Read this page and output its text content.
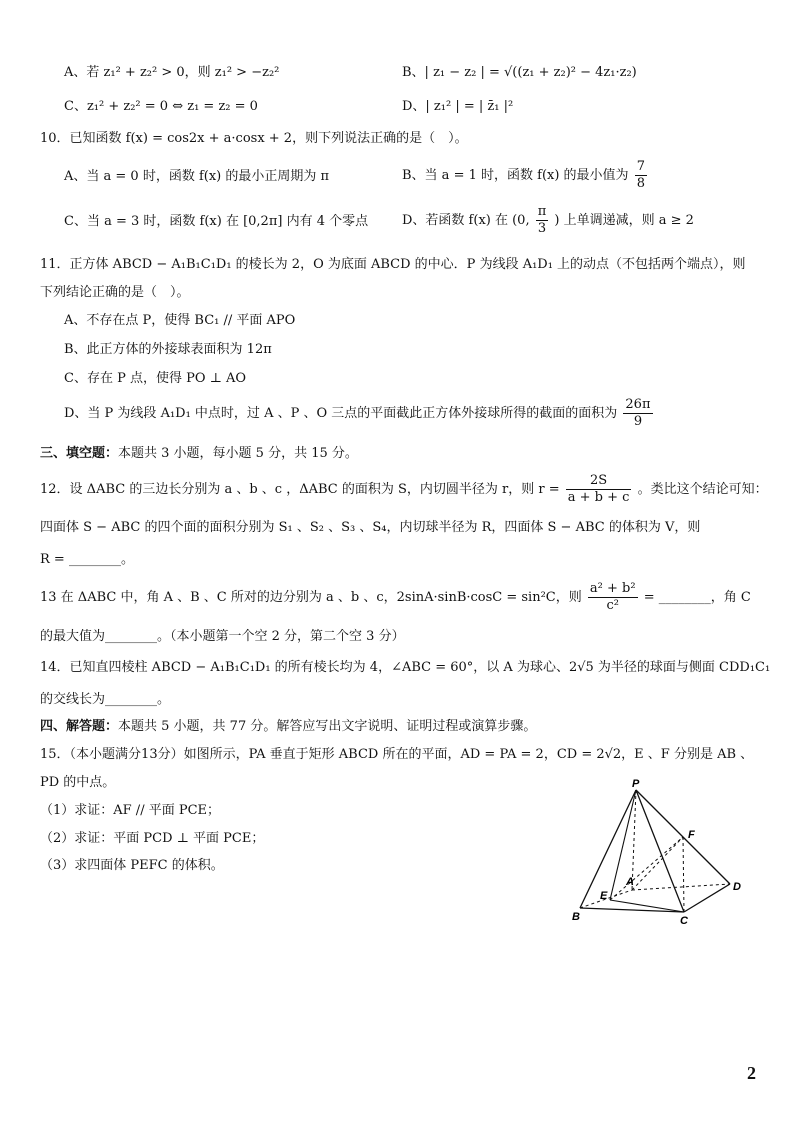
A、若 z₁² + z₂² > 0，则 z₁² > −z₂²	B、| z₁ − z₂ | = √((z₁ + z₂)² − 4z₁·z₂)
C、z₁² + z₂² = 0 ⇔ z₁ = z₂ = 0	D、| z₁² | = | z̄₁ |²
10．已知函数 f(x) = cos2x + a·cosx + 2，则下列说法正确的是（　）。
A、当 a = 0 时，函数 f(x) 的最小正周期为 π	B、当 a = 1 时，函数 f(x) 的最小值为 $\frac{7}{8}$
C、当 a = 3 时，函数 f(x) 在 [0,2π] 内有 4 个零点	D、若函数 f(x) 在 (0, $\frac{\pi}{3}$ ) 上单调递减，则 a ≥ 2
11．正方体 ABCD − A₁B₁C₁D₁ 的棱长为 2，O 为底面 ABCD 的中心．P 为线段 A₁D₁ 上的动点（不包括两个端点），则
下列结论正确的是（　）。
A、不存在点 P，使得 BC₁ // 平面 APO
B、此正方体的外接球表面积为 12π
C、存在 P 点，使得 PO ⊥ AO
D、当 P 为线段 A₁D₁ 中点时，过 A 、P 、O 三点的平面截此正方体外接球所得的截面的面积为 $\frac{26\pi}{9}$
三、填空题：本题共 3 小题，每小题 5 分，共 15 分。
12．设 ΔABC 的三边长分别为 a 、b 、c ，ΔABC 的面积为 S，内切圆半径为 r，则 $r = \frac{2S}{a + b + c}$ 。类比这个结论可知：
四面体 S − ABC 的四个面的面积分别为 S₁ 、S₂ 、S₃ 、S₄，内切球半径为 R，四面体 S − ABC 的体积为 V，则
R = ________。
13 在 ΔABC 中，角 A 、B 、C 所对的边分别为 a 、b 、c，2sinA·sinB·cosC = sin²C，则 $\frac{\text{a² + b²}}{\text{c²}}$ = ________，角 C
的最大值为________。（本小题第一个空 2 分，第二个空 3 分）
14．已知直四棱柱 ABCD − A₁B₁C₁D₁ 的所有棱长均为 4，∠ABC = 60°，以 A 为球心、2√5 为半径的球面与侧面 CDD₁C₁
的交线长为________。
四、解答题：本题共 5 小题，共 77 分。解答应写出文字说明、证明过程或演算步骤。
15．（本小题满分13分）如图所示，PA 垂直于矩形 ABCD 所在的平面，AD = PA = 2，CD = 2√2，E 、F 分别是 AB 、
PD 的中点。
（1）求证：AF // 平面 PCE；
（2）求证：平面 PCD ⊥ 平面 PCE；
（3）求四面体 PEFC 的体积。
P
F
A	D
E
B	C
2
